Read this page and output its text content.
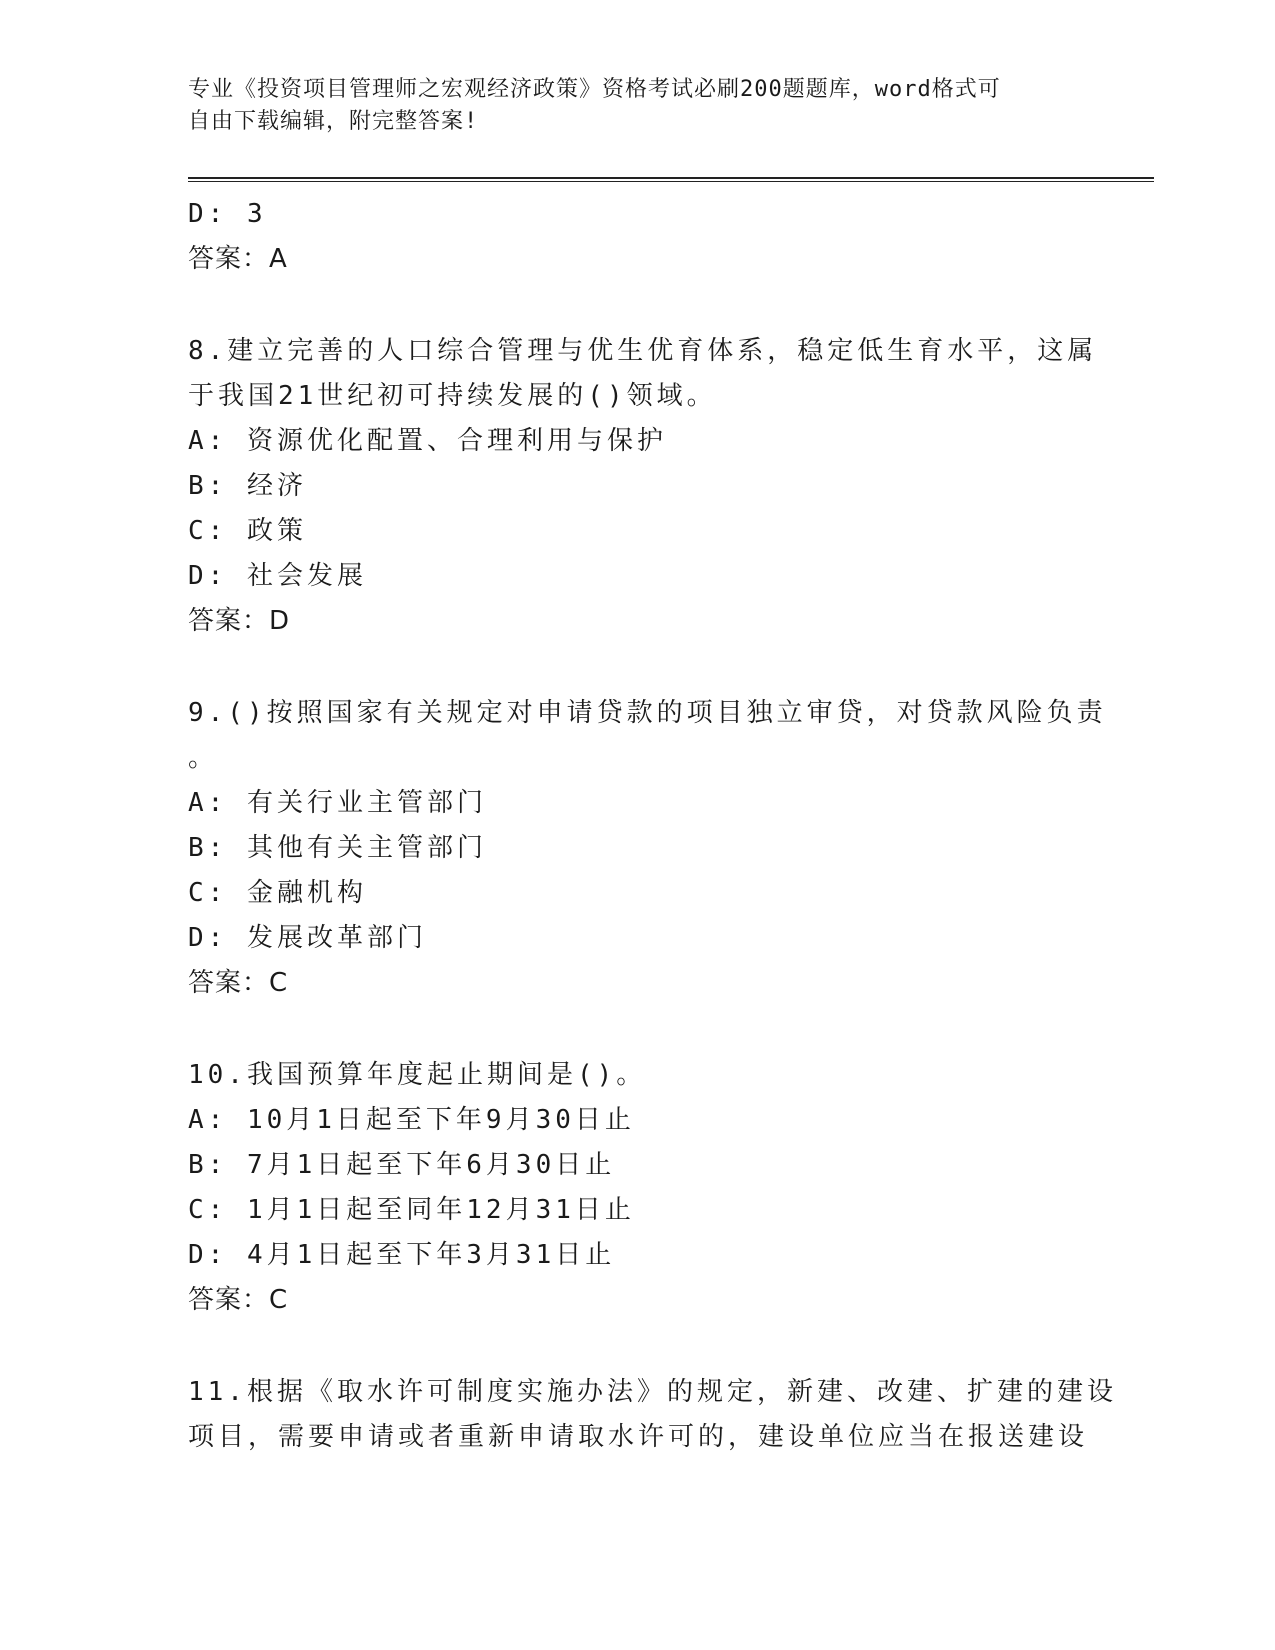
专业《投资项目管理师之宏观经济政策》资格考试必刷200题题库，word格式可
自由下载编辑，附完整答案!
D: 3
答案：A
8.建立完善的人口综合管理与优生优育体系，稳定低生育水平，这属
于我国21世纪初可持续发展的()领域。
A: 资源优化配置、合理利用与保护
B: 经济
C: 政策
D: 社会发展
答案：D
9.()按照国家有关规定对申请贷款的项目独立审贷，对贷款风险负责
。
A: 有关行业主管部门
B: 其他有关主管部门
C: 金融机构
D: 发展改革部门
答案：C
10.我国预算年度起止期间是()。
A: 10月1日起至下年9月30日止
B: 7月1日起至下年6月30日止
C: 1月1日起至同年12月31日止
D: 4月1日起至下年3月31日止
答案：C
11.根据《取水许可制度实施办法》的规定，新建、改建、扩建的建设
项目，需要申请或者重新申请取水许可的，建设单位应当在报送建设
